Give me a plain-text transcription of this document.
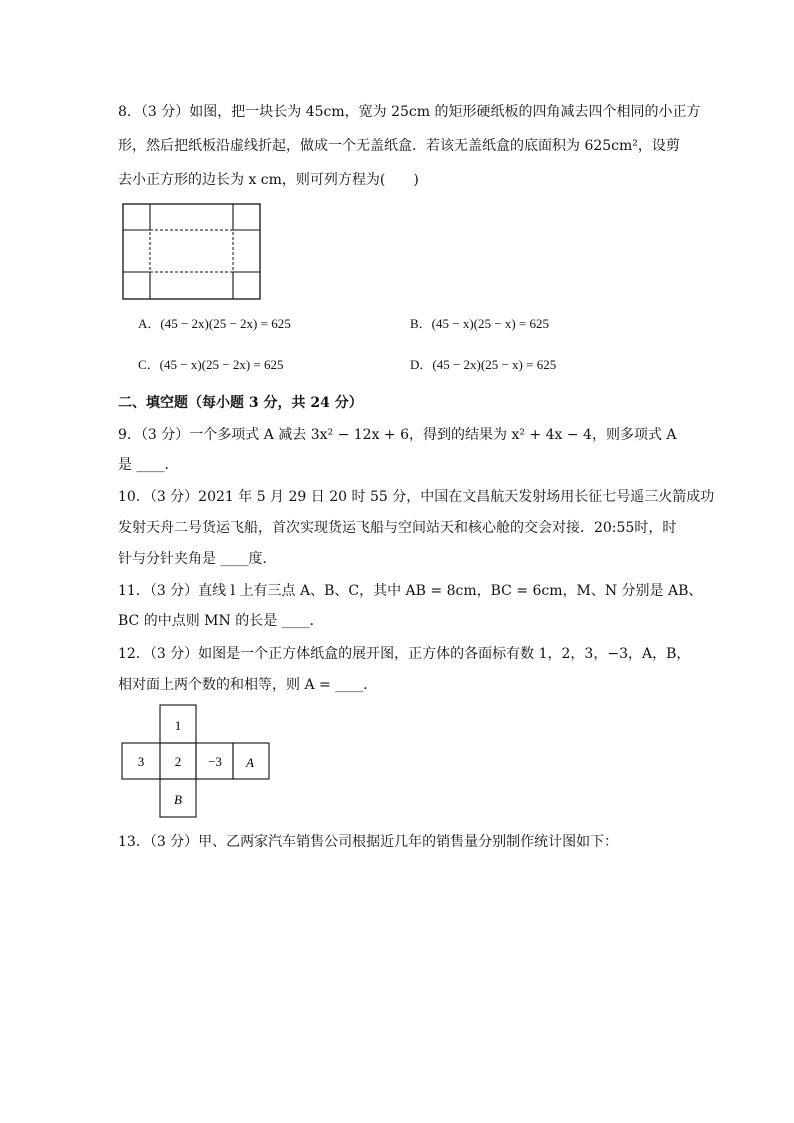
8．（3 分）如图，把一块长为 45cm，宽为 25cm 的矩形硬纸板的四角减去四个相同的小正方
形，然后把纸板沿虚线折起，做成一个无盖纸盒．若该无盖纸盒的底面积为 625cm²，设剪
去小正方形的边长为 x cm，则可列方程为(　　)
A．(45 − 2x)(25 − 2x) = 625	B．(45 − x)(25 − x) = 625
C．(45 − x)(25 − 2x) = 625	D．(45 − 2x)(25 − x) = 625
二、填空题（每小题 3 分，共 24 分）
9．（3 分）一个多项式 A 减去 3x² − 12x + 6，得到的结果为 x² + 4x − 4，则多项式 A
是 ____．
10．（3 分）2021 年 5 月 29 日 20 时 55 分，中国在文昌航天发射场用长征七号遥三火箭成功
发射天舟二号货运飞船，首次实现货运飞船与空间站天和核心舱的交会对接．20:55时，时
针与分针夹角是 ____度．
11．（3 分）直线 l 上有三点 A、B、C，其中 AB = 8cm，BC = 6cm，M、N 分别是 AB、
BC 的中点则 MN 的长是 ____．
12．（3 分）如图是一个正方体纸盒的展开图，正方体的各面标有数 1，2，3，−3，A，B，
相对面上两个数的和相等，则 A = ____．
1
3 2 −3 A
B
13．（3 分）甲、乙两家汽车销售公司根据近几年的销售量分别制作统计图如下：
